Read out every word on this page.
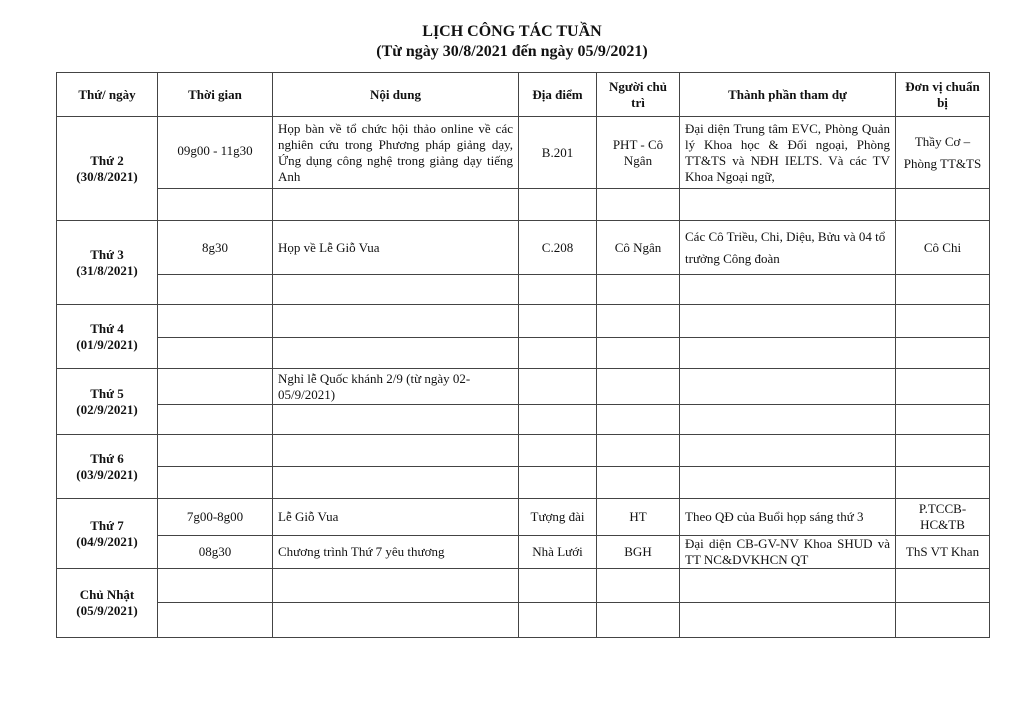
LỊCH CÔNG TÁC TUẦN
(Từ ngày 30/8/2021 đến ngày 05/9/2021)
Thứ/ ngày	Thời gian	Nội dung	Địa điểm	Người chủ trì	Thành phần tham dự	Đơn vị chuẩn bị

Thứ 2
(30/8/2021)	09g00 - 11g30	Họp bàn về tổ chức hội thảo online về các nghiên cứu trong Phương pháp giảng dạy, Ứng dụng công nghệ trong giảng dạy tiếng Anh	B.201	PHT - Cô Ngân	Đại diện Trung tâm EVC, Phòng Quản lý Khoa học & Đối ngoại, Phòng TT&TS và NĐH IELTS. Và các TV Khoa Ngoại ngữ,	Thầy Cơ – Phòng TT&TS

Thứ 3
(31/8/2021)	8g30	Họp về Lễ Giỗ Vua	C.208	Cô Ngân	Các Cô Triều, Chi, Diệu, Bửu và 04 tổ trưởng Công đoàn	Cô Chi

Thứ 4
(01/9/2021)						

Thứ 5
(02/9/2021)		Nghỉ lễ Quốc khánh 2/9 (từ ngày 02-05/9/2021)				

Thứ 6
(03/9/2021)						

Thứ 7
(04/9/2021)	7g00-8g00	Lễ Giỗ Vua	Tượng đài	HT	Theo QĐ của Buổi họp sáng thứ 3	P.TCCB-HC&TB
	08g30	Chương trình Thứ 7 yêu thương	Nhà Lưới	BGH	Đại diện CB-GV-NV Khoa SHUD và TT NC&DVKHCN QT	ThS VT Khan

Chủ Nhật
(05/9/2021)						
